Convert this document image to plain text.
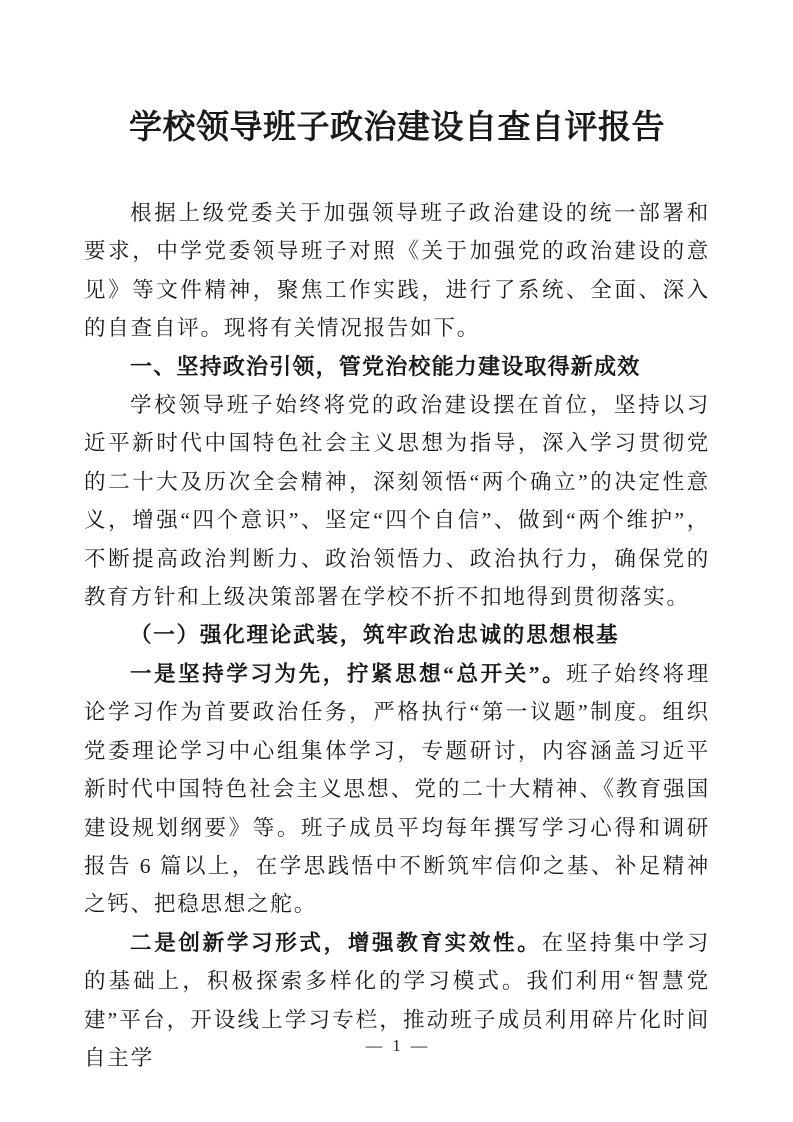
学校领导班子政治建设自查自评报告

根据上级党委关于加强领导班子政治建设的统一部署和要求，中学党委领导班子对照《关于加强党的政治建设的意见》等文件精神，聚焦工作实践，进行了系统、全面、深入的自查自评。现将有关情况报告如下。

一、坚持政治引领，管党治校能力建设取得新成效

学校领导班子始终将党的政治建设摆在首位，坚持以习近平新时代中国特色社会主义思想为指导，深入学习贯彻党的二十大及历次全会精神，深刻领悟“两个确立”的决定性意义，增强“四个意识”、坚定“四个自信”、做到“两个维护”，不断提高政治判断力、政治领悟力、政治执行力，确保党的教育方针和上级决策部署在学校不折不扣地得到贯彻落实。

（一）强化理论武装，筑牢政治忠诚的思想根基

一是坚持学习为先，拧紧思想“总开关”。班子始终将理论学习作为首要政治任务，严格执行“第一议题”制度。组织党委理论学习中心组集体学习，专题研讨，内容涵盖习近平新时代中国特色社会主义思想、党的二十大精神、《教育强国建设规划纲要》等。班子成员平均每年撰写学习心得和调研报告 6 篇以上，在学思践悟中不断筑牢信仰之基、补足精神之钙、把稳思想之舵。

二是创新学习形式，增强教育实效性。在坚持集中学习的基础上，积极探索多样化的学习模式。我们利用“智慧党建”平台，开设线上学习专栏，推动班子成员利用碎片化时间自主学

— 1 —
